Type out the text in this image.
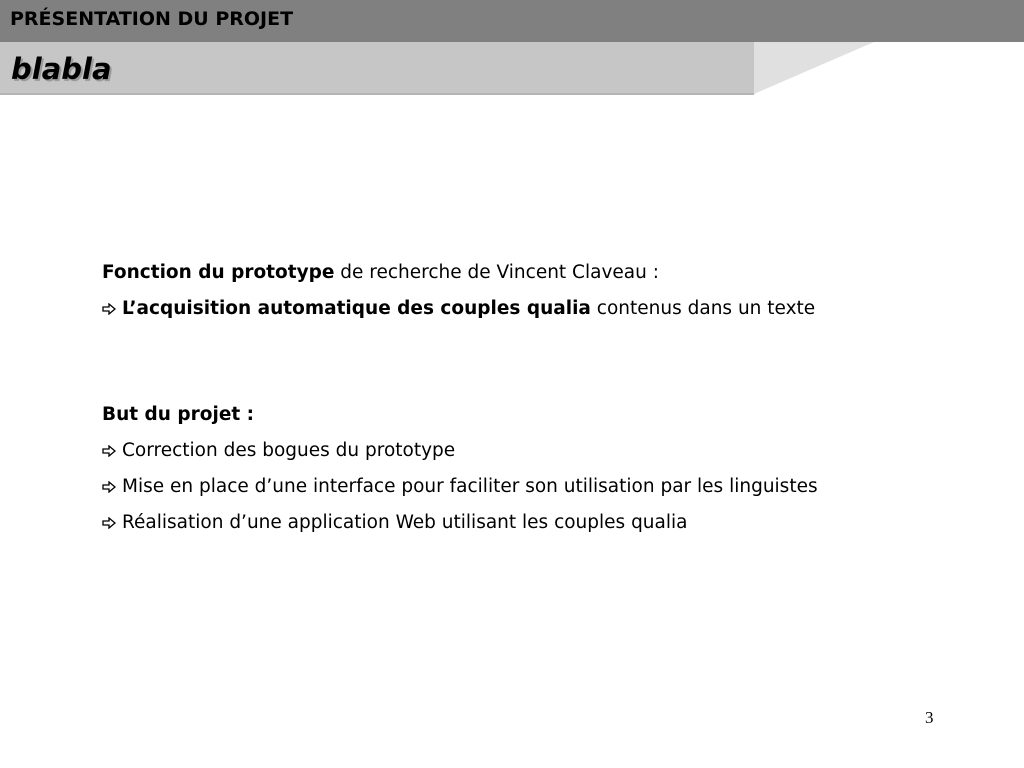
PRÉSENTATION DU PROJET
blabla
Fonction du prototype de recherche de Vincent Claveau :
L’acquisition automatique des couples qualia contenus dans un texte
But du projet :
Correction des bogues du prototype
Mise en place d’une interface pour faciliter son utilisation par les linguistes
Réalisation d’une application Web utilisant les couples qualia
3
